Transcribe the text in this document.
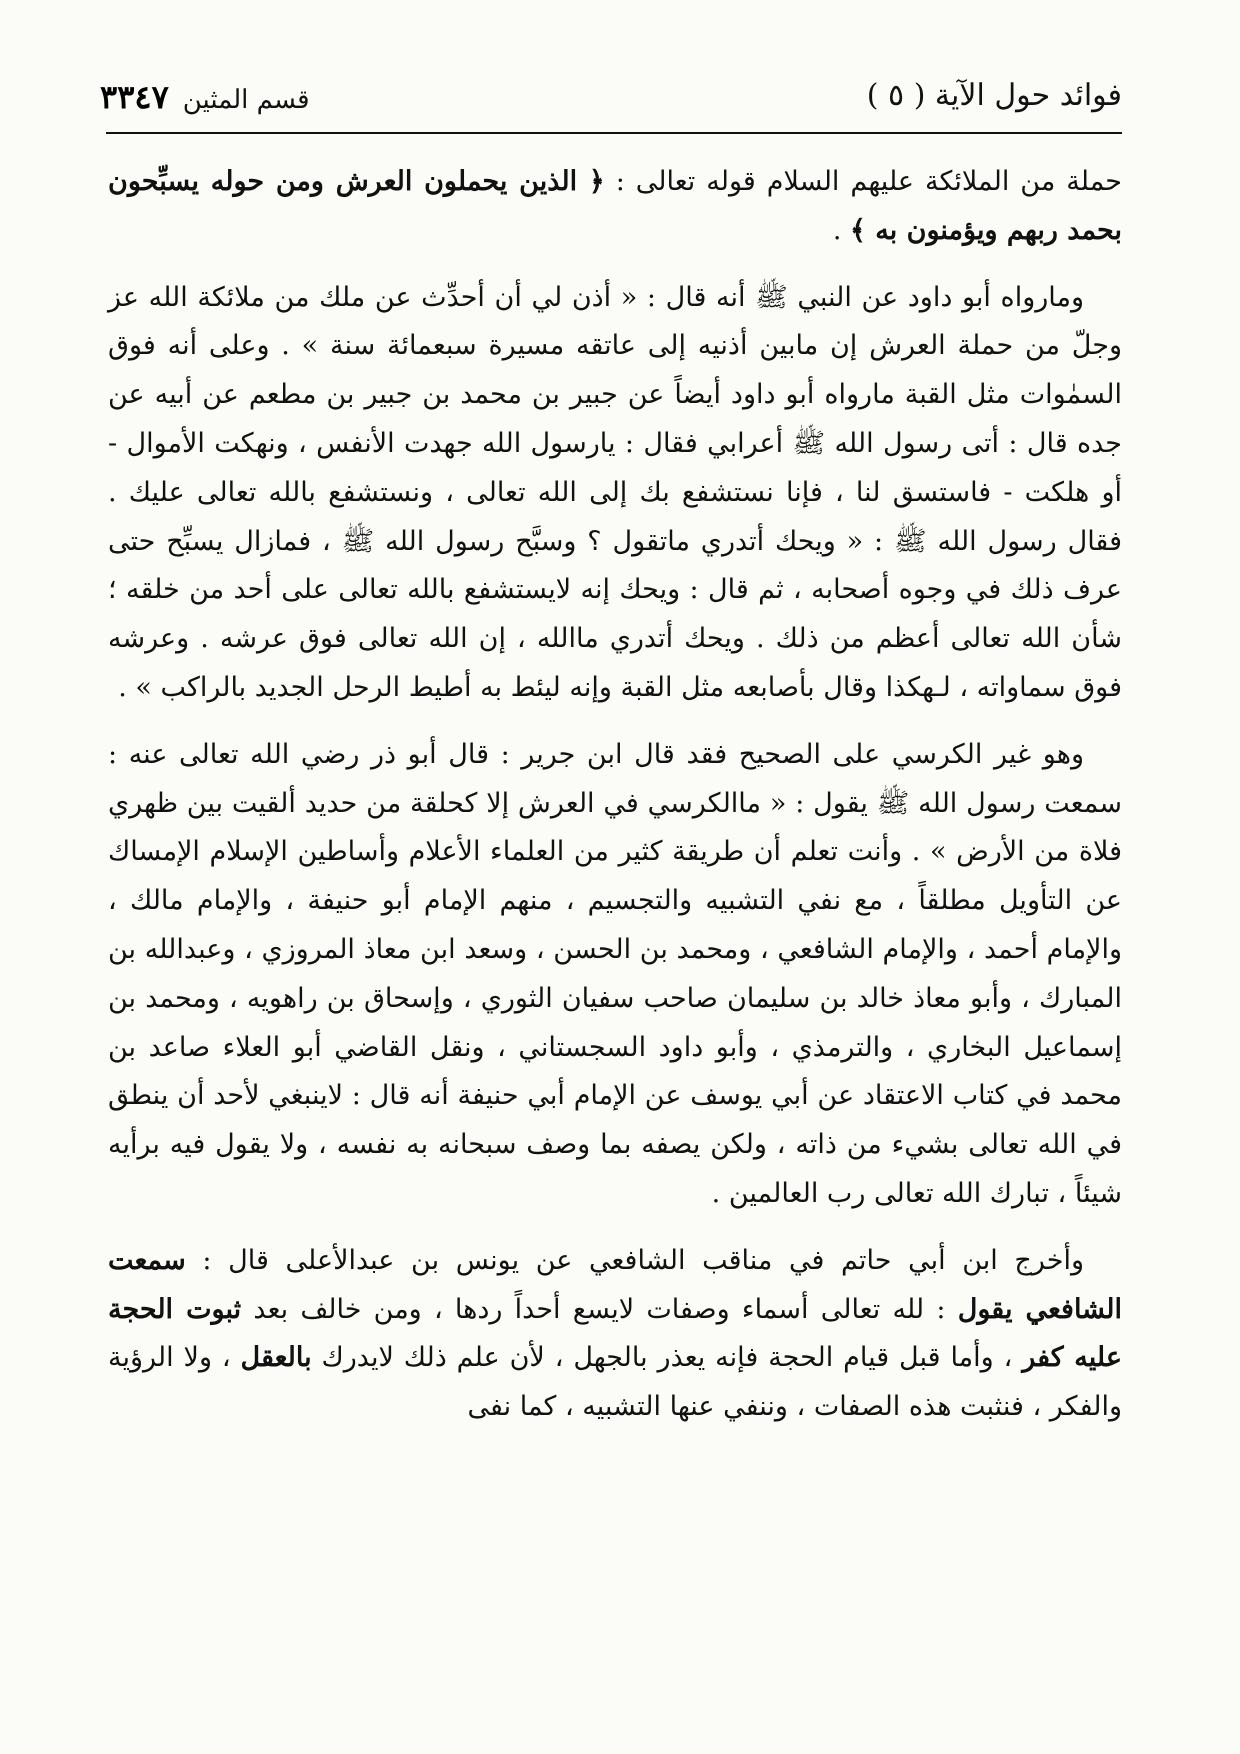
فوائد حول الآية ( ٥ )
قسم المثين ٣٣٤٧

حملة من الملائكة عليهم السلام قوله تعالى : ﴿ الذين يحملون العرش ومن حوله يسبِّحون بحمد ربهم ويؤمنون به ﴾ .

ومارواه أبو داود عن النبي ﷺ أنه قال : « أذن لي أن أحدِّث عن ملك من ملائكة الله عز وجلّ من حملة العرش إن مابين أذنيه إلى عاتقه مسيرة سبعمائة سنة » . وعلى أنه فوق السمٰوات مثل القبة مارواه أبو داود أيضاً عن جبير بن محمد بن جبير بن مطعم عن أبيه عن جده قال : أتى رسول الله ﷺ أعرابي فقال : يارسول الله جهدت الأنفس ، ونهكت الأموال - أو هلكت - فاستسق لنا ، فإنا نستشفع بك إلى الله تعالى ، ونستشفع بالله تعالى عليك . فقال رسول الله ﷺ : « ويحك أتدري ماتقول ؟ وسبَّح رسول الله ﷺ ، فمازال يسبِّح حتى عرف ذلك في وجوه أصحابه ، ثم قال : ويحك إنه لايستشفع بالله تعالى على أحد من خلقه ؛ شأن الله تعالى أعظم من ذلك . ويحك أتدري ماالله ، إن الله تعالى فوق عرشه . وعرشه فوق سماواته ، لـهكذا وقال بأصابعه مثل القبة وإنه ليئط به أطيط الرحل الجديد بالراكب » .

وهو غير الكرسي على الصحيح فقد قال ابن جرير : قال أبو ذر رضي الله تعالى عنه : سمعت رسول الله ﷺ يقول : « ماالكرسي في العرش إلا كحلقة من حديد ألقيت بين ظهري فلاة من الأرض » . وأنت تعلم أن طريقة كثير من العلماء الأعلام وأساطين الإسلام الإمساك عن التأويل مطلقاً ، مع نفي التشبيه والتجسيم ، منهم الإمام أبو حنيفة ، والإمام مالك ، والإمام أحمد ، والإمام الشافعي ، ومحمد بن الحسن ، وسعد ابن معاذ المروزي ، وعبدالله بن المبارك ، وأبو معاذ خالد بن سليمان صاحب سفيان الثوري ، وإسحاق بن راهويه ، ومحمد بن إسماعيل البخاري ، والترمذي ، وأبو داود السجستاني ، ونقل القاضي أبو العلاء صاعد بن محمد في كتاب الاعتقاد عن أبي يوسف عن الإمام أبي حنيفة أنه قال : لاينبغي لأحد أن ينطق في الله تعالى بشيء من ذاته ، ولكن يصفه بما وصف سبحانه به نفسه ، ولا يقول فيه برأيه شيئاً ، تبارك الله تعالى رب العالمين .

وأخرج ابن أبي حاتم في مناقب الشافعي عن يونس بن عبدالأعلى قال : سمعت الشافعي يقول : لله تعالى أسماء وصفات لايسع أحداً ردها ، ومن خالف بعد ثبوت الحجة عليه كفر ، وأما قبل قيام الحجة فإنه يعذر بالجهل ، لأن علم ذلك لايدرك بالعقل ، ولا الرؤية والفكر ، فنثبت هذه الصفات ، وننفي عنها التشبيه ، كما نفى
